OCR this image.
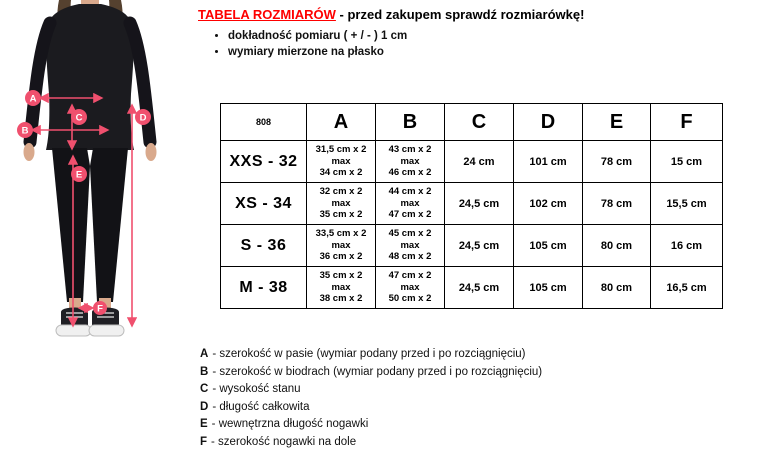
A
B
C	D
E
F
TABELA ROZMIARÓW - przed zakupem sprawdź rozmiarówkę!
• dokładność pomiaru ( + / - ) 1 cm
• wymiary mierzone na płasko
808	A	B	C	D	E	F
XXS - 32	31,5 cm x 2
max
34 cm x 2	43 cm x 2
max
46 cm x 2	24 cm	101 cm	78 cm	15 cm
XS - 34	32 cm x 2
max
35 cm x 2	44 cm x 2
max
47 cm x 2	24,5 cm	102 cm	78 cm	15,5 cm
S - 36	33,5 cm x 2
max
36 cm x 2	45 cm x 2
max
48 cm x 2	24,5 cm	105 cm	80 cm	16 cm
M - 38	35 cm x 2
max
38 cm x 2	47 cm x 2
max
50 cm x 2	24,5 cm	105 cm	80 cm	16,5 cm
A - szerokość w pasie (wymiar podany przed i po rozciągnięciu)
B - szerokość w biodrach (wymiar podany przed i po rozciągnięciu)
C - wysokość stanu
D - długość całkowita
E - wewnętrzna długość nogawki
F - szerokość nogawki na dole
